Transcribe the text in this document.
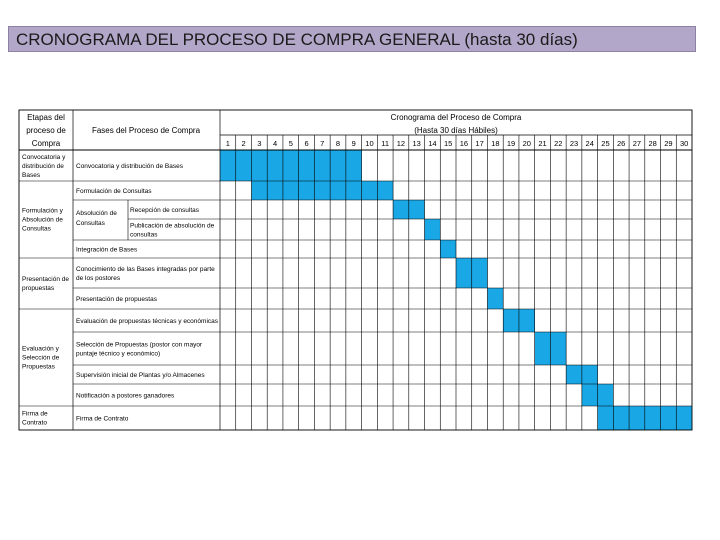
CRONOGRAMA DEL PROCESO DE COMPRA GENERAL (hasta 30 días)
Etapas del
proceso de
Compra
Fases del Proceso de Compra
Cronograma del Proceso de Compra
(Hasta 30 días Hábiles)
1 2 3 4 5 6 7 8 9 10 11 12 13 14 15 16 17 18 19 20 21 22 23 24 25 26 27 28 29 30
Convocatoria y
distribución de
Bases
Formulación y
Absolución de
Consultas
Presentación de
propuestas
Evaluación y
Selección de
Propuestas
Firma de
Contrato
Absolución de
Consultas
Convocatoria y distribución de Bases
Formulación de Consultas
Recepción de consultas
Publicación de absolución de
consultas
Integración de Bases
Conocimiento de las Bases integradas por parte
de los postores
Presentación de propuestas
Evaluación de propuestas técnicas y económicas
Selección de Propuestas (postor con mayor
puntaje técnico y económico)
Supervisión inicial de Plantas y/o Almacenes
Notificación a postores ganadores
Firma de Contrato
